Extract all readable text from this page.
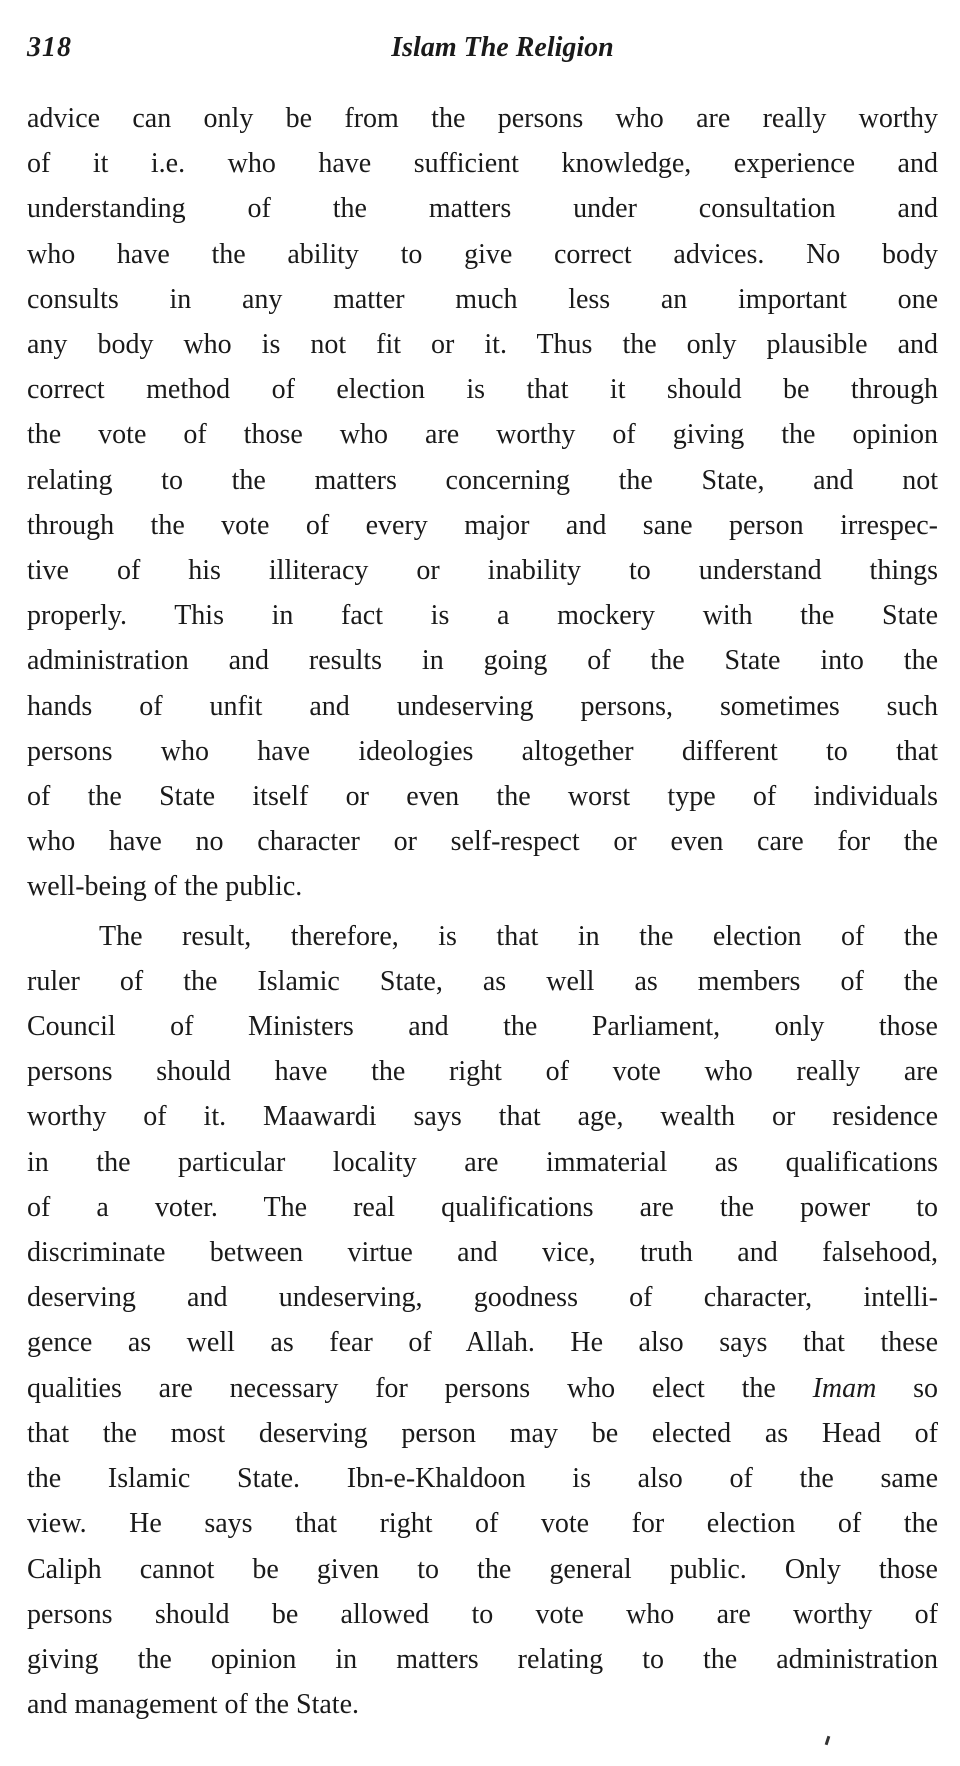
318	Islam The Religion

advice can only be from the persons who are really worthy
of it i.e. who have sufficient knowledge, experience and
understanding of the matters under consultation and
who have the ability to give correct advices. No body
consults in any matter much less an important one
any body who is not fit or it. Thus the only plausible and
correct method of election is that it should be through
the vote of those who are worthy of giving the opinion
relating to the matters concerning the State, and not
through the vote of every major and sane person irrespec-
tive of his illiteracy or inability to understand things
properly. This in fact is a mockery with the State
administration and results in going of the State into the
hands of unfit and undeserving persons, sometimes such
persons who have ideologies altogether different to that
of the State itself or even the worst type of individuals
who have no character or self-respect or even care for the
well-being of the public.

The result, therefore, is that in the election of the
ruler of the Islamic State, as well as members of the
Council of Ministers and the Parliament, only those
persons should have the right of vote who really are
worthy of it. Maawardi says that age, wealth or residence
in the particular locality are immaterial as qualifications
of a voter. The real qualifications are the power to
discriminate between virtue and vice, truth and falsehood,
deserving and undeserving, goodness of character, intelli-
gence as well as fear of Allah. He also says that these
qualities are necessary for persons who elect the Imam so
that the most deserving person may be elected as Head of
the Islamic State. Ibn-e-Khaldoon is also of the same
view. He says that right of vote for election of the
Caliph cannot be given to the general public. Only those
persons should be allowed to vote who are worthy of
giving the opinion in matters relating to the administration
and management of the State.
